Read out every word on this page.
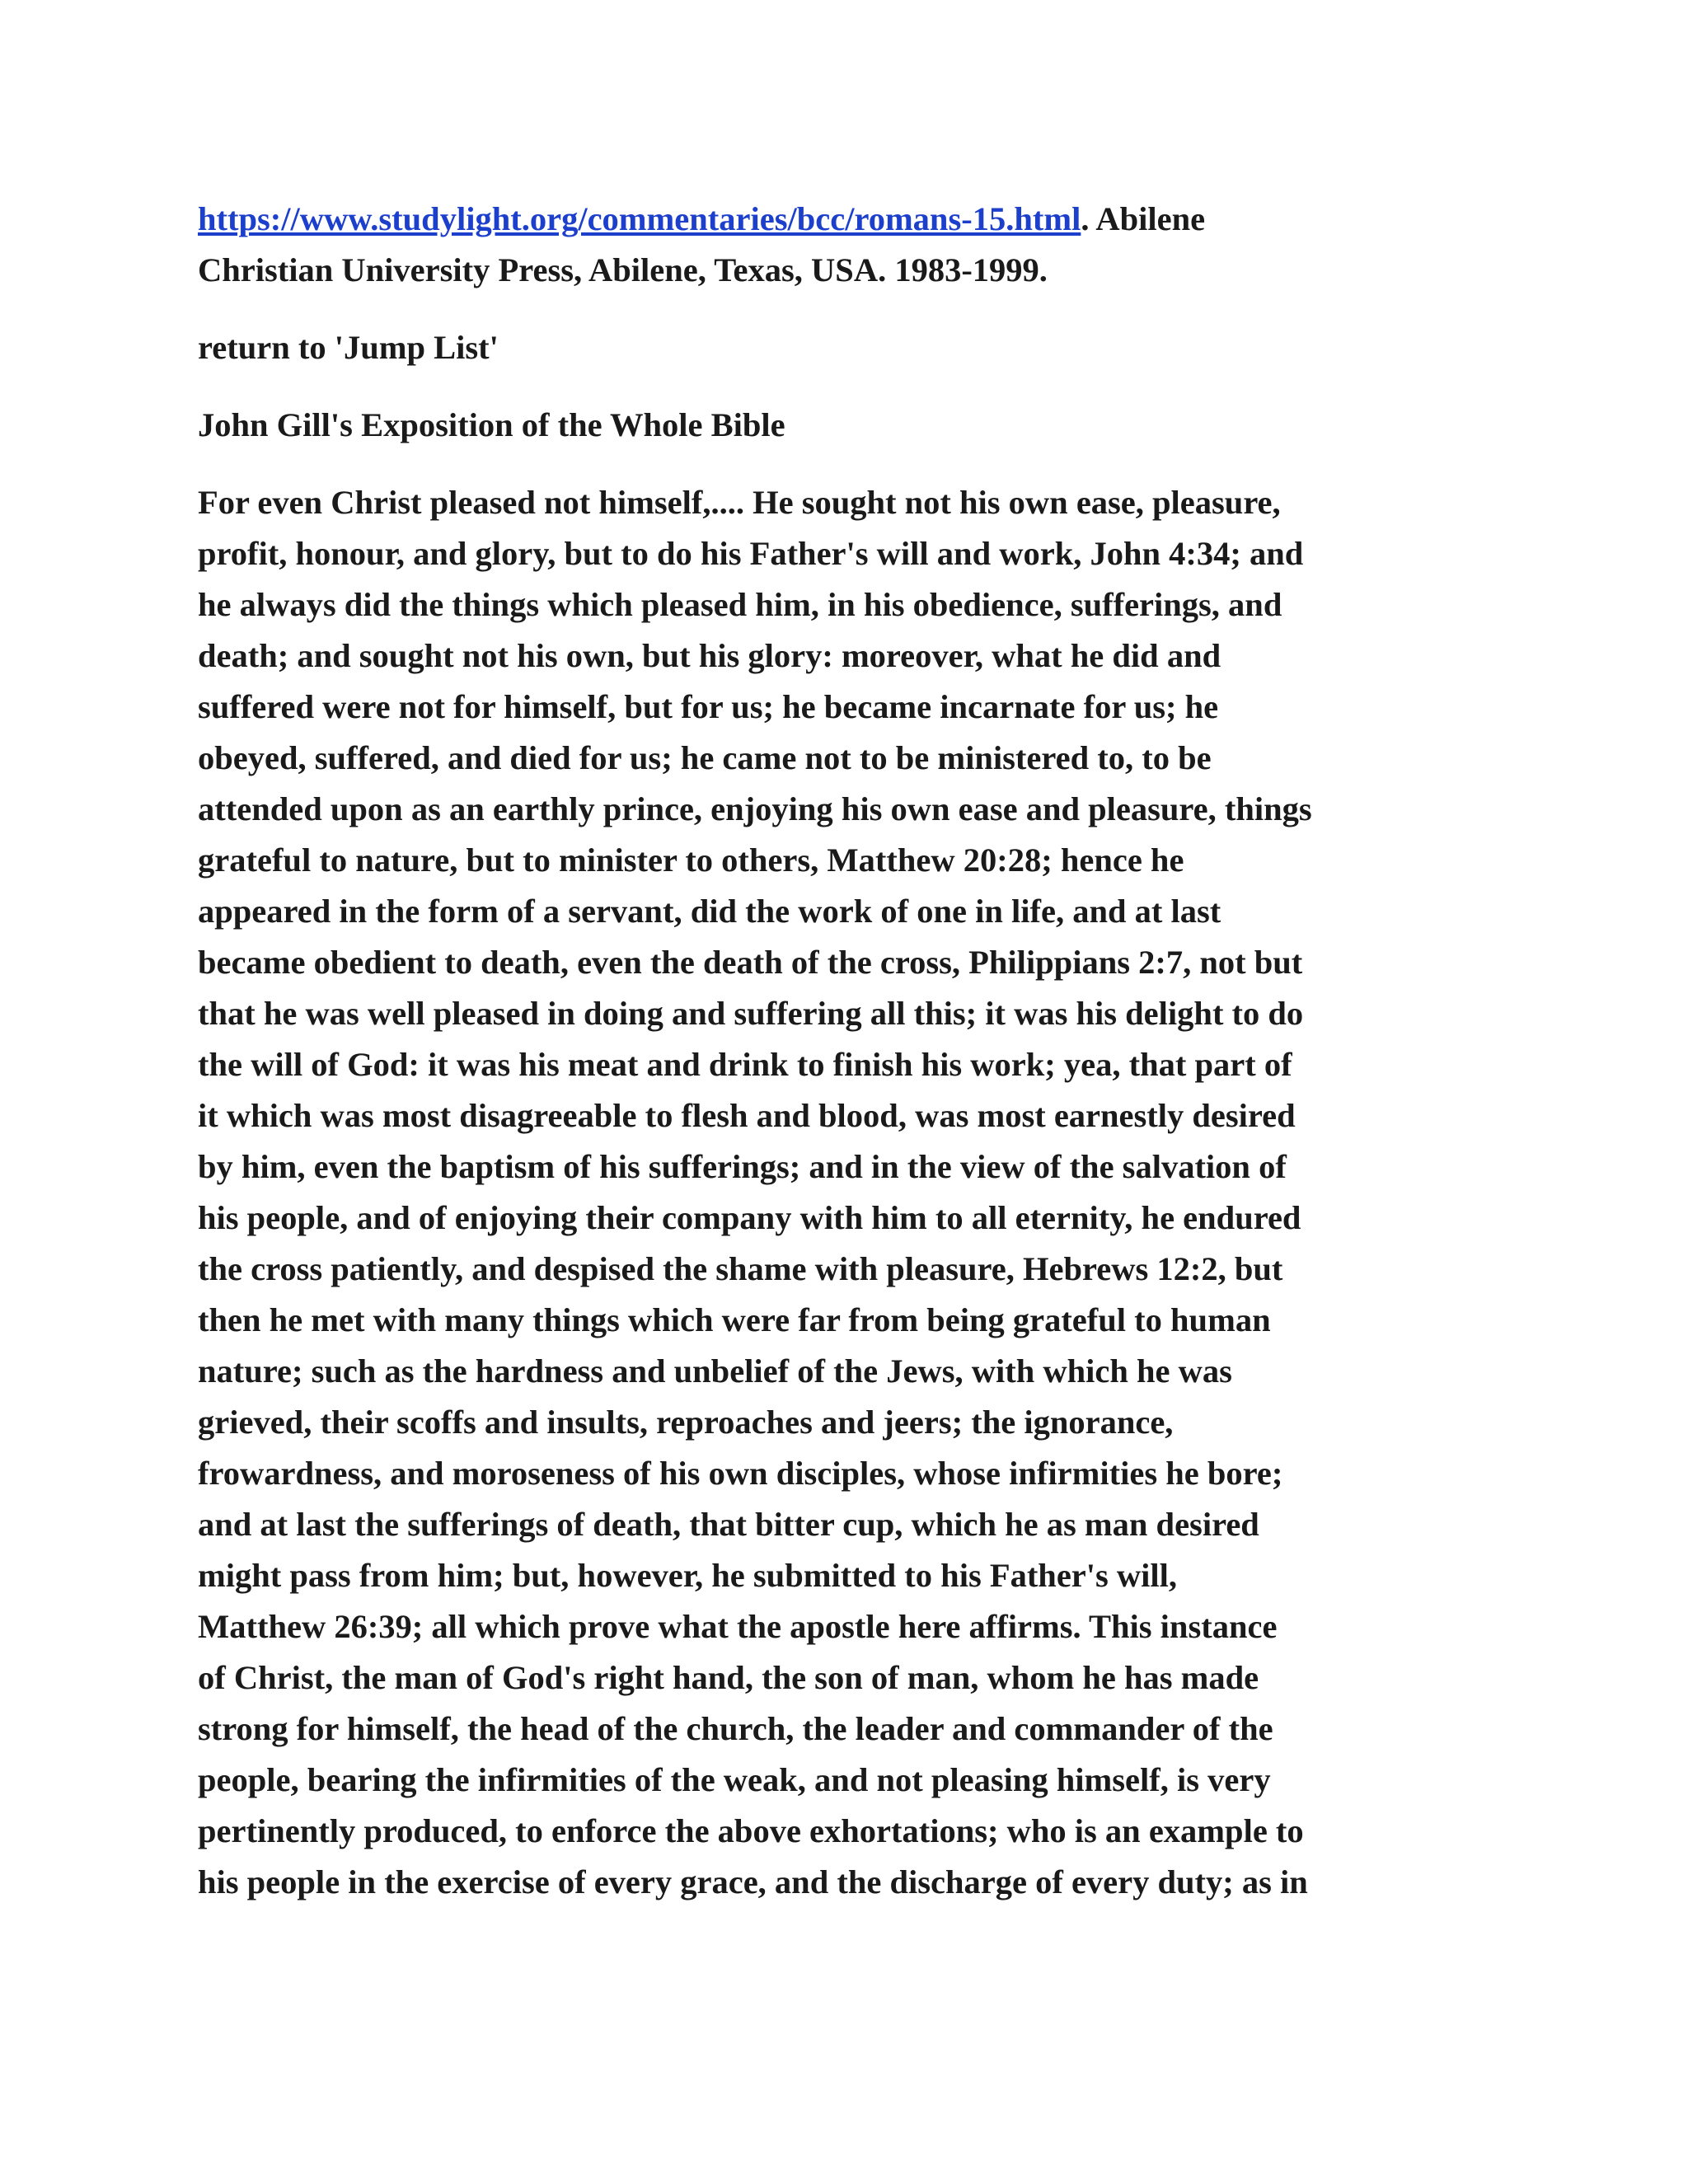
https://www.studylight.org/commentaries/bcc/romans-15.html. Abilene
Christian University Press, Abilene, Texas, USA. 1983-1999.

return to 'Jump List'

John Gill's Exposition of the Whole Bible

For even Christ pleased not himself,.... He sought not his own ease, pleasure,
profit, honour, and glory, but to do his Father's will and work, John 4:34; and
he always did the things which pleased him, in his obedience, sufferings, and
death; and sought not his own, but his glory: moreover, what he did and
suffered were not for himself, but for us; he became incarnate for us; he
obeyed, suffered, and died for us; he came not to be ministered to, to be
attended upon as an earthly prince, enjoying his own ease and pleasure, things
grateful to nature, but to minister to others, Matthew 20:28; hence he
appeared in the form of a servant, did the work of one in life, and at last
became obedient to death, even the death of the cross, Philippians 2:7, not but
that he was well pleased in doing and suffering all this; it was his delight to do
the will of God: it was his meat and drink to finish his work; yea, that part of
it which was most disagreeable to flesh and blood, was most earnestly desired
by him, even the baptism of his sufferings; and in the view of the salvation of
his people, and of enjoying their company with him to all eternity, he endured
the cross patiently, and despised the shame with pleasure, Hebrews 12:2, but
then he met with many things which were far from being grateful to human
nature; such as the hardness and unbelief of the Jews, with which he was
grieved, their scoffs and insults, reproaches and jeers; the ignorance,
frowardness, and moroseness of his own disciples, whose infirmities he bore;
and at last the sufferings of death, that bitter cup, which he as man desired
might pass from him; but, however, he submitted to his Father's will,
Matthew 26:39; all which prove what the apostle here affirms. This instance
of Christ, the man of God's right hand, the son of man, whom he has made
strong for himself, the head of the church, the leader and commander of the
people, bearing the infirmities of the weak, and not pleasing himself, is very
pertinently produced, to enforce the above exhortations; who is an example to
his people in the exercise of every grace, and the discharge of every duty; as in
